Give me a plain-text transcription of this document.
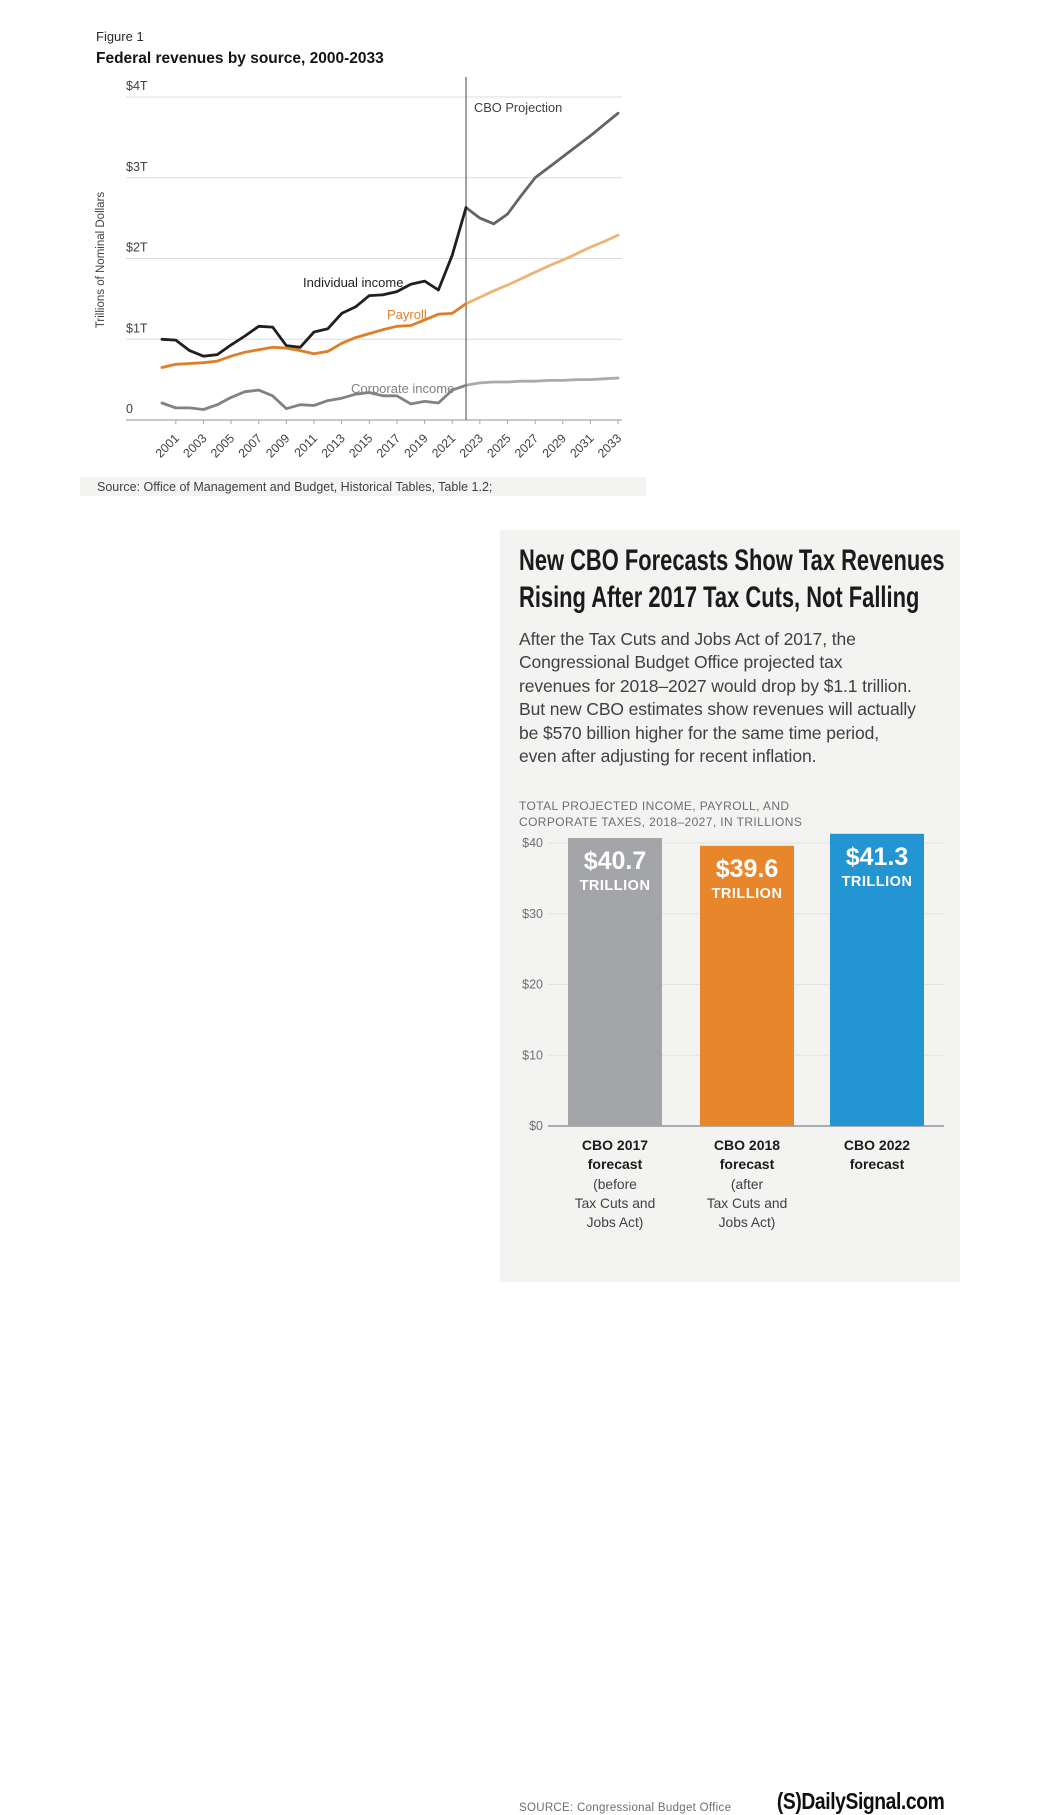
Figure 1
Federal revenues by source, 2000-2033
$4T
$3T
$2T
$1T
0
Trillions of Nominal Dollars
CBO Projection
2001
2003
2005
2007
2009 2011
2013
2015
2017
2019
2021
2023
2025
2027
2029
2031
2033
Individual income
Payroll
Corporate income
Source: Office of Management and Budget, Historical Tables, Table 1.2;
New CBO Forecasts Show Tax Revenues
Rising After 2017 Tax Cuts, Not Falling
After the Tax Cuts and Jobs Act of 2017, the
Congressional Budget Office projected tax
revenues for 2018–2027 would drop by $1.1 trillion.
But new CBO estimates show revenues will actually
be $570 billion higher for the same time period,
even after adjusting for recent inflation.
TOTAL PROJECTED INCOME, PAYROLL, AND
CORPORATE TAXES, 2018–2027, IN TRILLIONS
$40
$30
$20
$10
$0
$40.7
TRILLION
$39.6
TRILLION
$41.3
TRILLION
CBO 2017
forecast
(before
Tax Cuts and
Jobs Act)
CBO 2018
forecast
(after
Tax Cuts and
Jobs Act)
CBO 2022
forecast
SOURCE: Congressional Budget Office (S)DailySignal.com
